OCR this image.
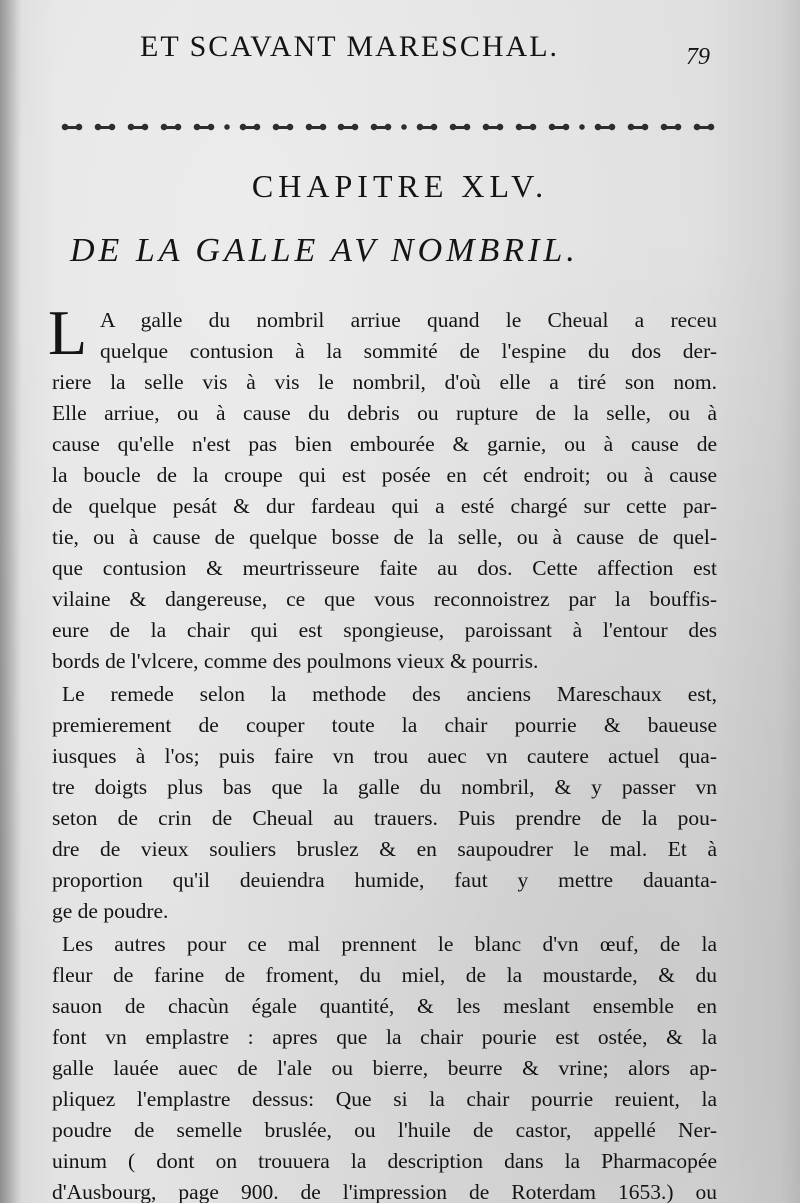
ET SCAVANT MARESCHAL.	79
CHAPITRE XLV.
DE LA GALLE AV NOMBRIL.
L A galle du nombril arriue quand le Cheual a receu
quelque contusion à la sommité de l'espine du dos der-
riere la selle vis à vis le nombril, d'où elle a tiré son nom.
Elle arriue, ou à cause du debris ou rupture de la selle, ou à
cause qu'elle n'est pas bien embourée & garnie, ou à cause de
la boucle de la croupe qui est posée en cét endroit; ou à cause
de quelque pesát & dur fardeau qui a esté chargé sur cette par-
tie, ou à cause de quelque bosse de la selle, ou à cause de quel-
que contusion & meurtrisseure faite au dos. Cette affection est
vilaine & dangereuse, ce que vous reconnoistrez par la bouffis-
eure de la chair qui est spongieuse, paroissant à l'entour des
bords de l'vlcere, comme des poulmons vieux & pourris.
Le remede selon la methode des anciens Mareschaux est,
premierement de couper toute la chair pourrie & baueuse
iusques à l'os; puis faire vn trou auec vn cautere actuel qua-
tre doigts plus bas que la galle du nombril, & y passer vn
seton de crin de Cheual au trauers. Puis prendre de la pou-
dre de vieux souliers bruslez & en saupoudrer le mal. Et à
proportion qu'il deuiendra humide, faut y mettre dauanta-
ge de poudre.
Les autres pour ce mal prennent le blanc d'vn œuf, de la
fleur de farine de froment, du miel, de la moustarde, & du
sauon de chacùn égale quantité, & les meslant ensemble en
font vn emplastre : apres que la chair pourie est ostée, & la
galle lauée auec de l'ale ou bierre, beurre & vrine; alors ap-
pliquez l'emplastre dessus: Que si la chair pourrie reuient, la
poudre de semelle bruslée, ou l'huile de castor, appellé Ner-
uinum ( dont on trouuera la description dans la Pharmacopée
d'Ausbourg, page 900. de l'impression de Roterdam 1653.) ou
